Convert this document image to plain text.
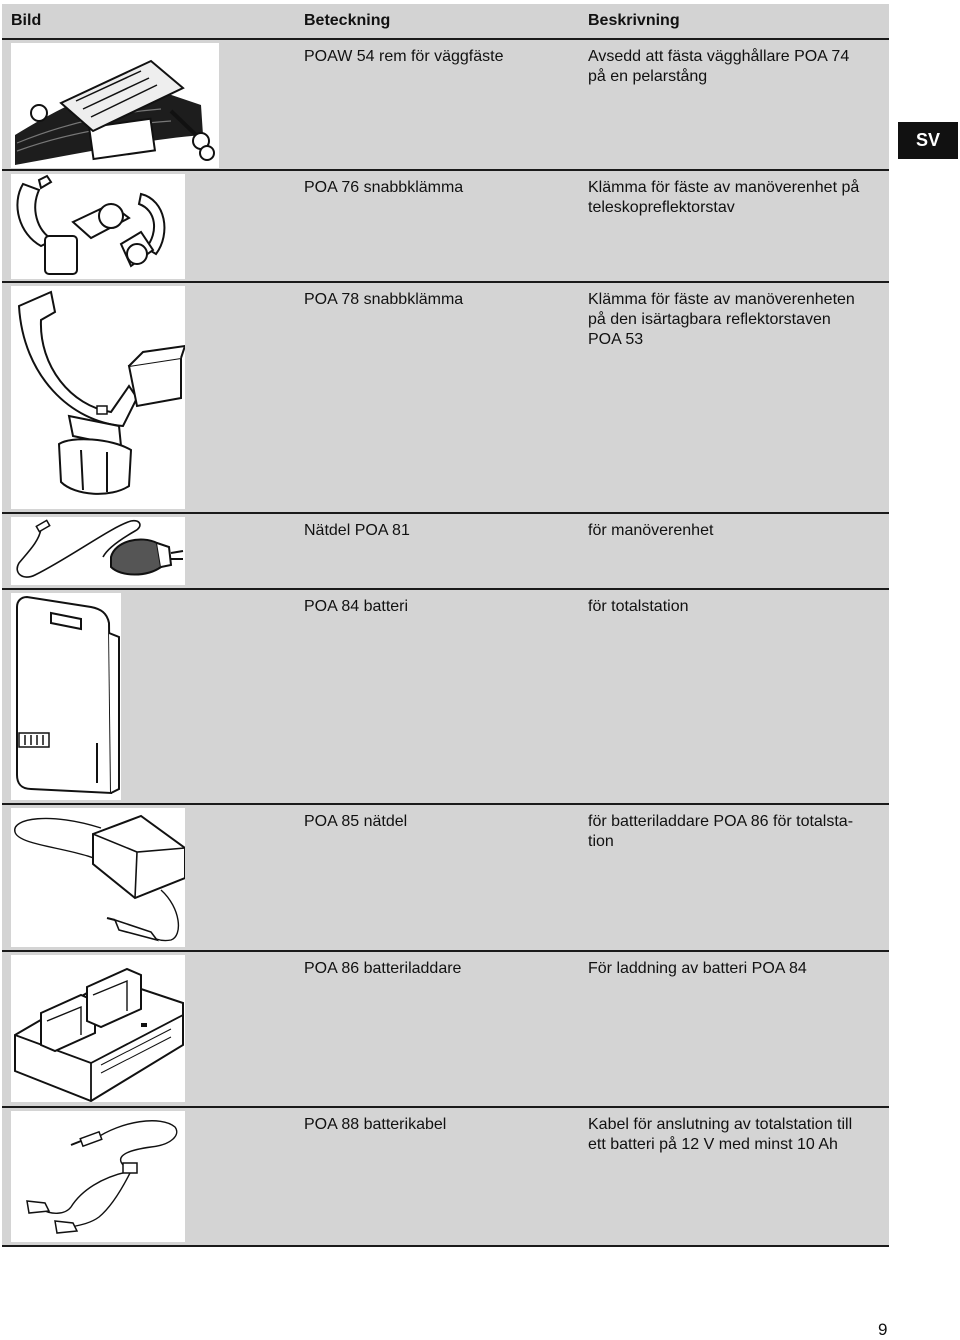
Bild	Beteckning	Beskrivning
POAW 54 rem för väggfäste	Avsedd att fästa vägghållare POA 74
på en pelarstång
POA 76 snabbklämma	Klämma för fäste av manöverenhet på
teleskopreflektorstav
POA 78 snabbklämma	Klämma för fäste av manöverenheten
på den isärtagbara reflektorstaven
POA 53
Nätdel POA 81	för manöverenhet
POA 84 batteri	för totalstation
POA 85 nätdel	för batteriladdare POA 86 för totalsta-
tion
POA 86 batteriladdare	För laddning av batteri POA 84
POA 88 batterikabel	Kabel för anslutning av totalstation till
ett batteri på 12 V med minst 10 Ah
SV
9
